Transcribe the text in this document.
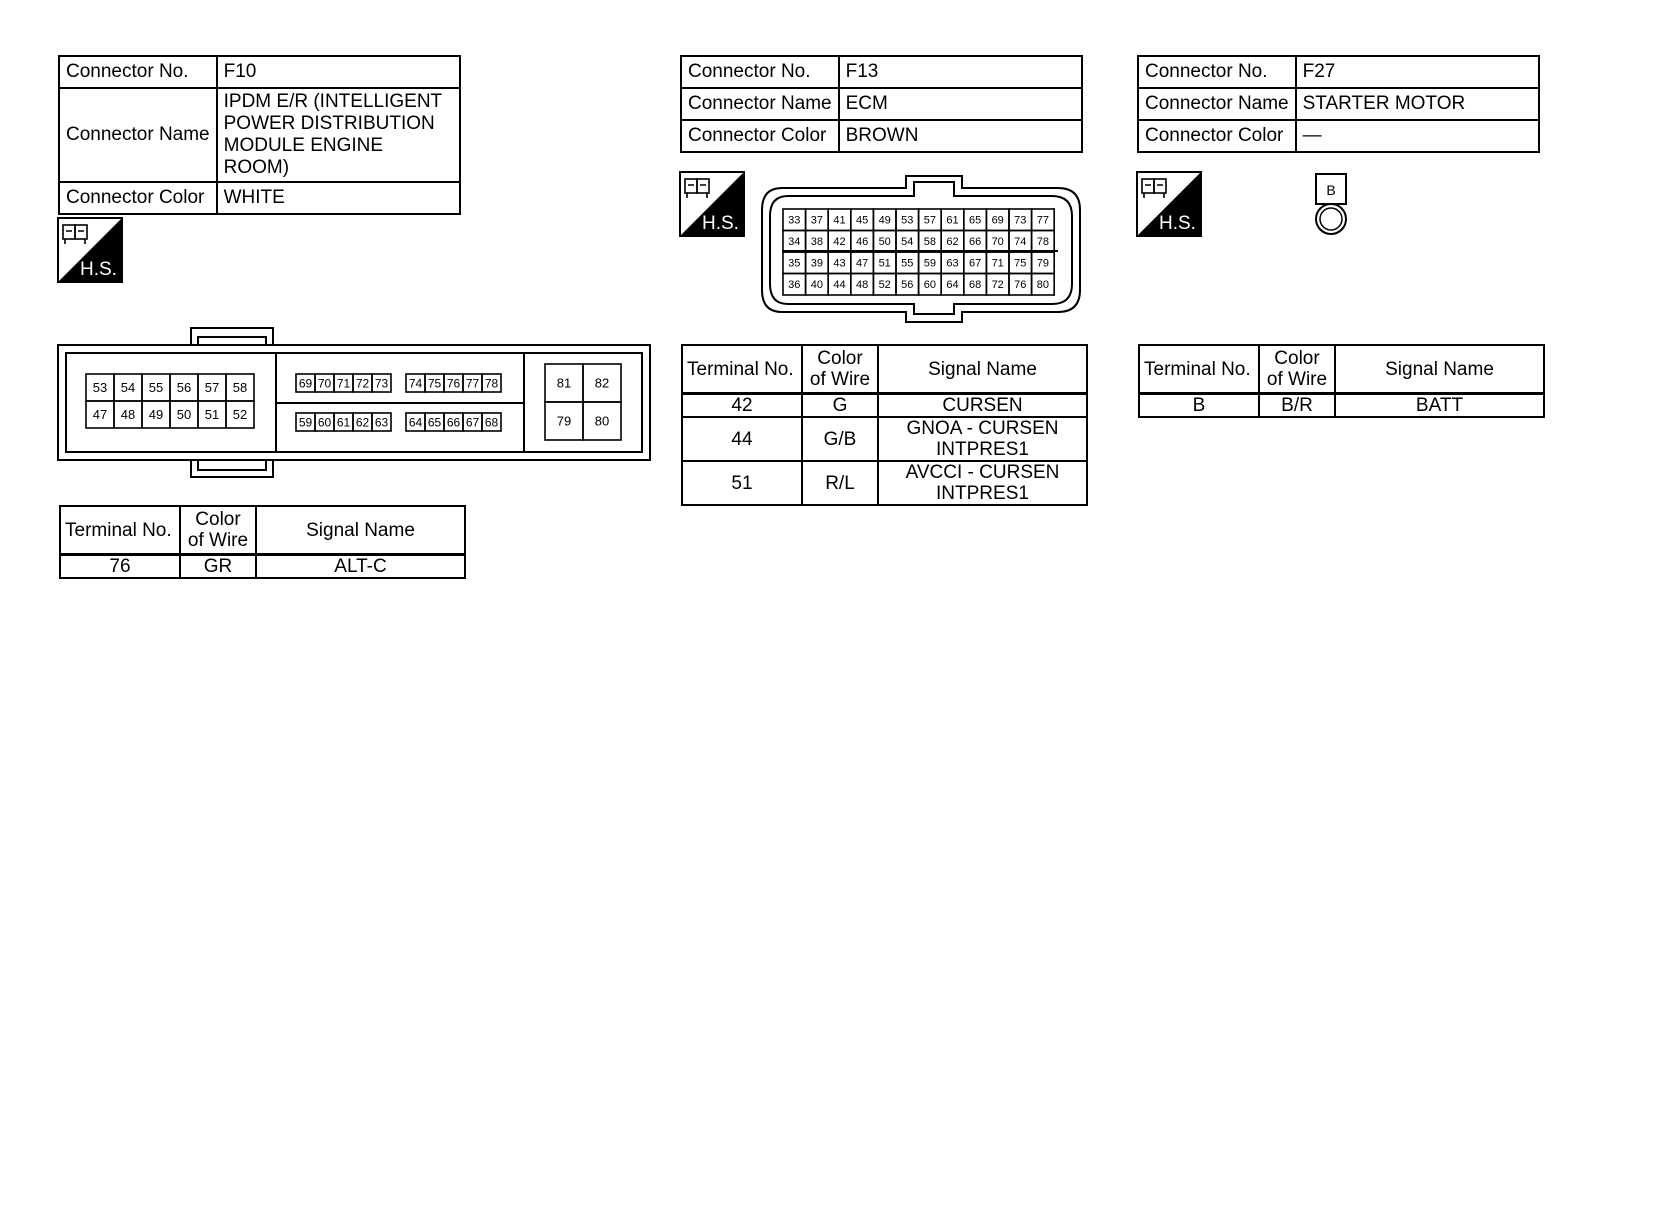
Connector No.	F10
Connector Name	IPDM E/R (INTELLIGENT
POWER DISTRIBUTION
MODULE ENGINE ROOM)

Connector Color	WHITE
H.S.
53 54 55 56 57 58
47 48 49 50 51 52
69 70 71 72 73
59 60 61 62 63
74 75 76 77 78
64 65 66 67 68
81 82
79 80
Terminal No.	Color of Wire	Signal Name
76	GR	ALT-C
Connector No.	F13
Connector Name	ECM
Connector Color	BROWN
H.S.	33 37 41 45 49 53 57 61 65 69 73 77
34 38 42 46 50 54 58 62 66 70 74 78
35 39 43 47 51 55 59 63 67 71 75 79
36 40 44 48 52 56 60 64 68 72 76 80
Terminal No.	Color of Wire	Signal Name
42	G	CURSEN
44	G/B	GNOA - CURSEN
INTPRES1

51	R/L	AVCCI - CURSEN
INTPRES1
Connector No.	F27
Connector Name	STARTER MOTOR
Connector Color	—
H.S.
B
Terminal No.	Color of Wire	Signal Name
B	B/R	BATT
